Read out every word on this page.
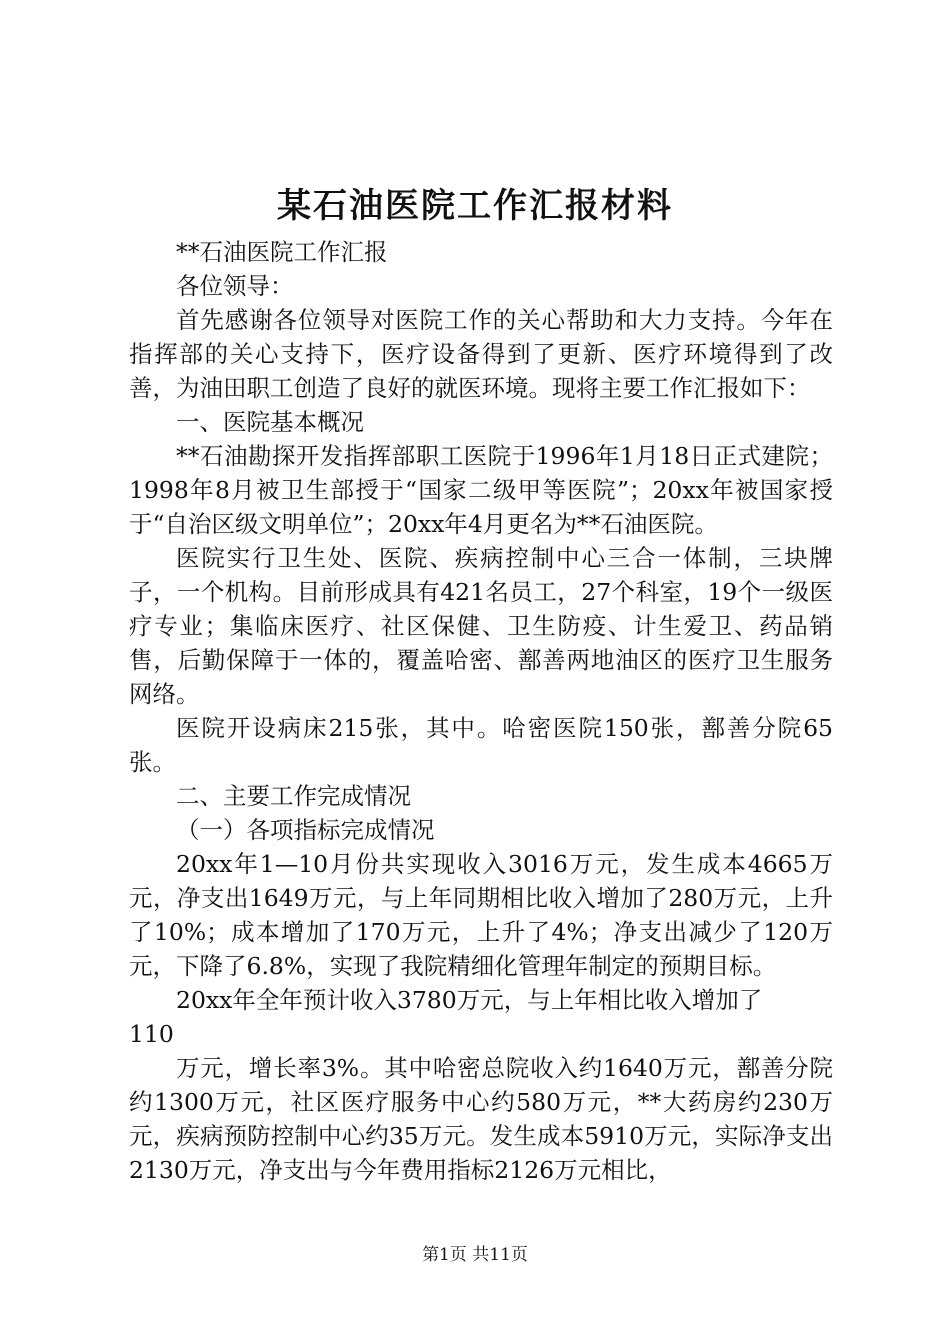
某石油医院工作汇报材料

**石油医院工作汇报

各位领导：

首先感谢各位领导对医院工作的关心帮助和大力支持。今年在指挥部的关心支持下，医疗设备得到了更新、医疗环境得到了改善，为油田职工创造了良好的就医环境。现将主要工作汇报如下：

一、医院基本概况

**石油勘探开发指挥部职工医院于1996年1月18日正式建院；1998年8月被卫生部授于“国家二级甲等医院”；20xx年被国家授于“自治区级文明单位”；20xx年4月更名为**石油医院。

医院实行卫生处、医院、疾病控制中心三合一体制，三块牌子，一个机构。目前形成具有421名员工，27个科室，19个一级医疗专业；集临床医疗、社区保健、卫生防疫、计生爱卫、药品销售，后勤保障于一体的，覆盖哈密、鄯善两地油区的医疗卫生服务网络。

医院开设病床215张，其中。哈密医院150张，鄯善分院65张。

二、主要工作完成情况

（一）各项指标完成情况

20xx年1—10月份共实现收入3016万元，发生成本4665万元，净支出1649万元，与上年同期相比收入增加了280万元，上升了10%；成本增加了170万元，上升了4%；净支出减少了120万元，下降了6.8%，实现了我院精细化管理年制定的预期目标。

20xx年全年预计收入3780万元，与上年相比收入增加了

110

万元，增长率3%。其中哈密总院收入约1640万元，鄯善分院约1300万元，社区医疗服务中心约580万元，**大药房约230万元，疾病预防控制中心约35万元。发生成本5910万元，实际净支出2130万元，净支出与今年费用指标2126万元相比，

第1页 共11页
